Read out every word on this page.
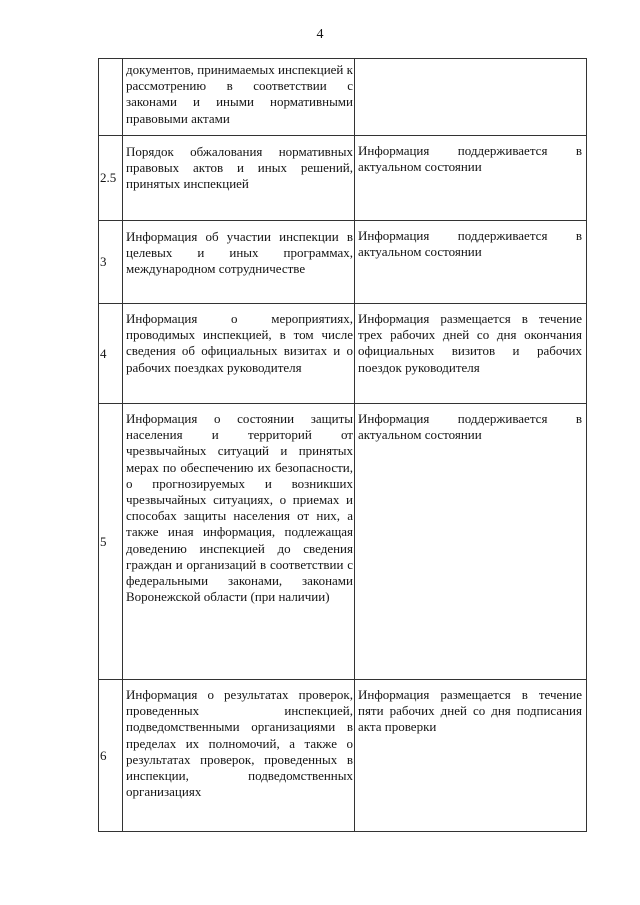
4

	документов, принимаемых инспекцией к рассмотрению в соответствии с законами и иными нормативными правовыми актами	

2.5	Порядок обжалования нормативных правовых актов и иных решений, принятых инспекцией	Информация поддерживается в актуальном состоянии

3	Информация об участии инспекции в целевых и иных программах, международном сотрудничестве	Информация поддерживается в актуальном состоянии

4	Информация о мероприятиях, проводимых инспекцией, в том числе сведения об официальных визитах и о рабочих поездках руководителя	Информация размещается в течение трех рабочих дней со дня окончания официальных визитов и рабочих поездок руководителя

5	Информация о состоянии защиты населения и территорий от чрезвычайных ситуаций и принятых мерах по обеспечению их безопасности, о прогнозируемых и возникших чрезвычайных ситуациях, о приемах и способах защиты населения от них, а также иная информация, подлежащая доведению инспекцией до сведения граждан и организаций в соответствии с федеральными законами, законами Воронежской области (при наличии)	Информация поддерживается в актуальном состоянии

6	Информация о результатах проверок, проведенных инспекцией, подведомственными организациями в пределах их полномочий, а также о результатах проверок, проведенных в инспекции, подведомственных организациях	Информация размещается в течение пяти рабочих дней со дня подписания акта проверки
